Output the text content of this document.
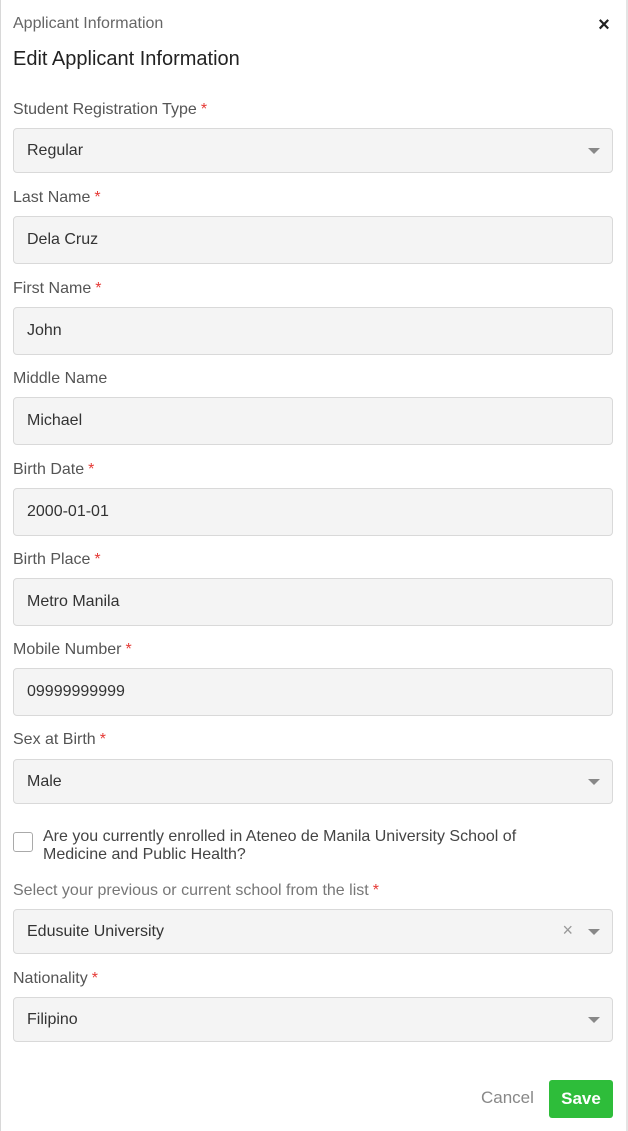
Applicant Information	×
Edit Applicant Information
Student Registration Type *
Regular
Last Name *
Dela Cruz
First Name *
John
Middle Name
Michael
Birth Date *
2000-01-01
Birth Place *
Metro Manila
Mobile Number *
09999999999
Sex at Birth *
Male
Are you currently enrolled in Ateneo de Manila University School of Medicine and Public Health?
Select your previous or current school from the list *
Edusuite University	×
Nationality *
Filipino
Cancel	Save
